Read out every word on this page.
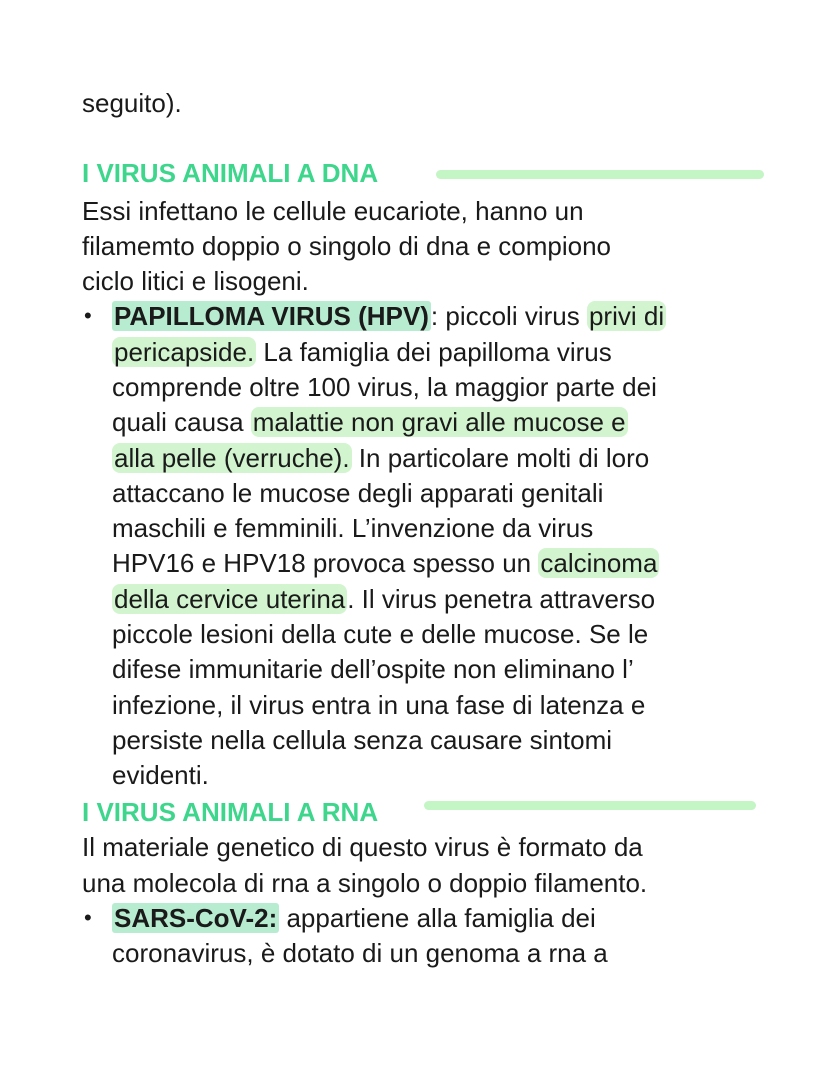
seguito).
I VIRUS ANIMALI A DNA
Essi infettano le cellule eucariote, hanno un
filamemto doppio o singolo di dna e compiono
ciclo litici e lisogeni.
• PAPILLOMA VIRUS (HPV): piccoli virus privi di
pericapside. La famiglia dei papilloma virus
comprende oltre 100 virus, la maggior parte dei
quali causa malattie non gravi alle mucose e
alla pelle (verruche). In particolare molti di loro
attaccano le mucose degli apparati genitali
maschili e femminili. L’invenzione da virus
HPV16 e HPV18 provoca spesso un calcinoma
della cervice uterina. Il virus penetra attraverso
piccole lesioni della cute e delle mucose. Se le
difese immunitarie dell’ospite non eliminano l’
infezione, il virus entra in una fase di latenza e
persiste nella cellula senza causare sintomi
evidenti.
I VIRUS ANIMALI A RNA
Il materiale genetico di questo virus è formato da
una molecola di rna a singolo o doppio filamento.
• SARS-CoV-2: appartiene alla famiglia dei
coronavirus, è dotato di un genoma a rna a
